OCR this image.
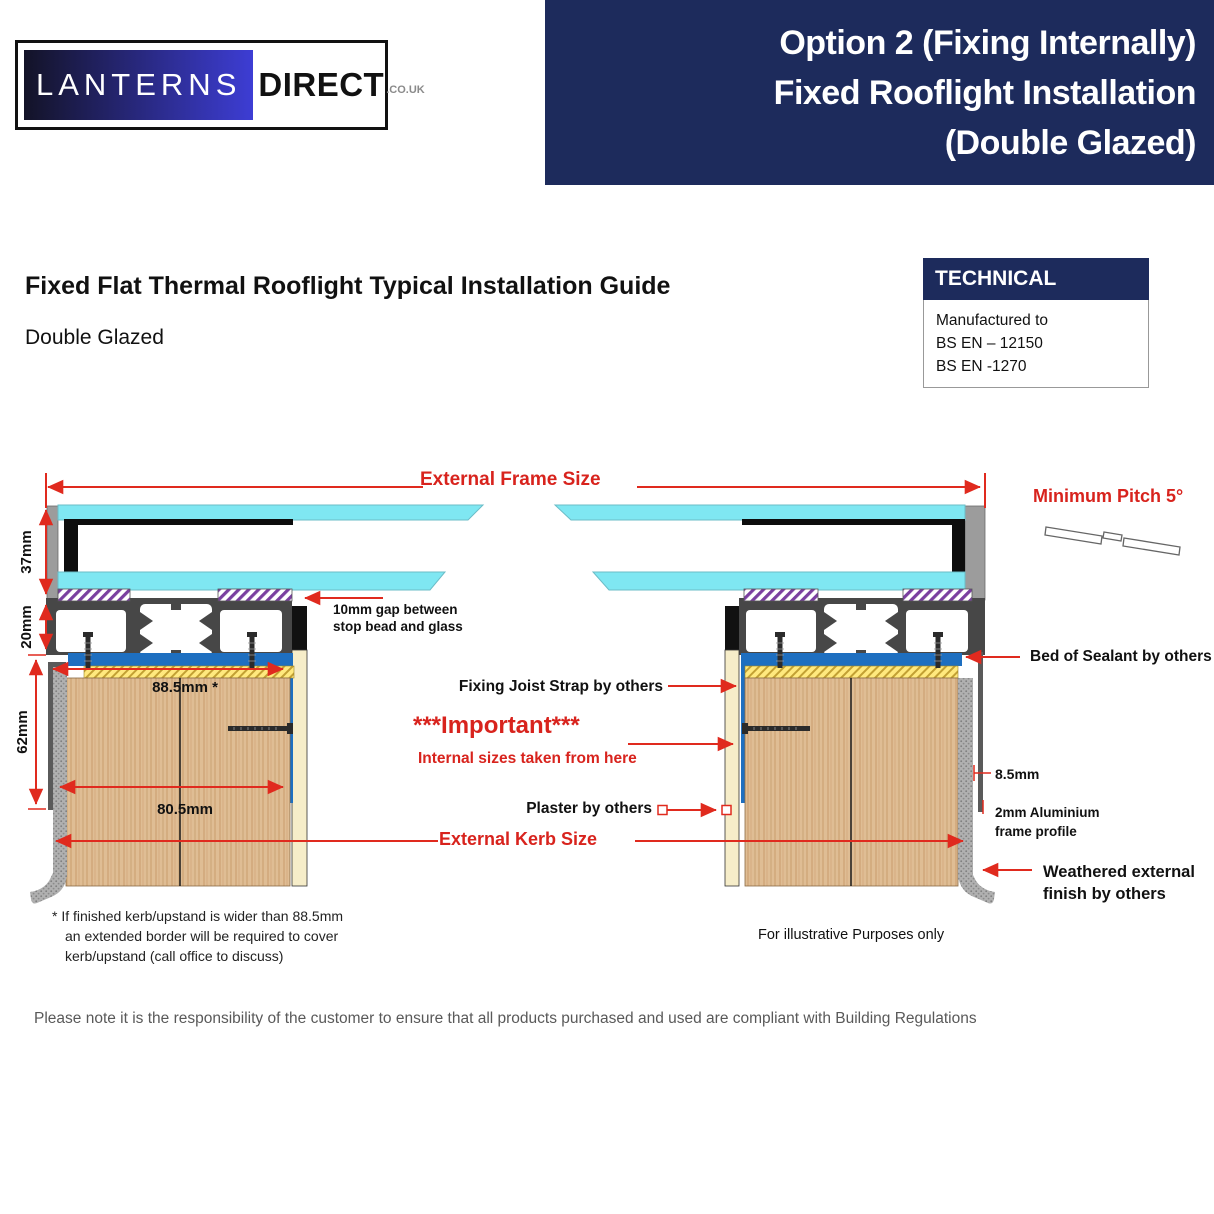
LANTERNS DIRECT .CO.UK
Option 2 (Fixing Internally)
Fixed Rooflight Installation
(Double Glazed)
Fixed Flat Thermal Rooflight Typical Installation Guide
Double Glazed
TECHNICAL
Manufactured to
BS EN – 12150
BS EN -1270
External Frame Size
37mm
20mm
62mm
88.5mm *
80.5mm
10mm gap between
stop bead and glass
Fixing Joist Strap by others
***Important***
Internal sizes taken from here
Plaster by others
External Kerb Size
Minimum Pitch 5°
Bed of Sealant by others
8.5mm
2mm Aluminium
frame profile
Weathered external
finish by others
For illustrative Purposes only
* If finished kerb/upstand is wider than 88.5mm
an extended border will be required to cover
kerb/upstand (call office to discuss)
Please note it is the responsibility of the customer to ensure that all products purchased and used are compliant with Building Regulations
